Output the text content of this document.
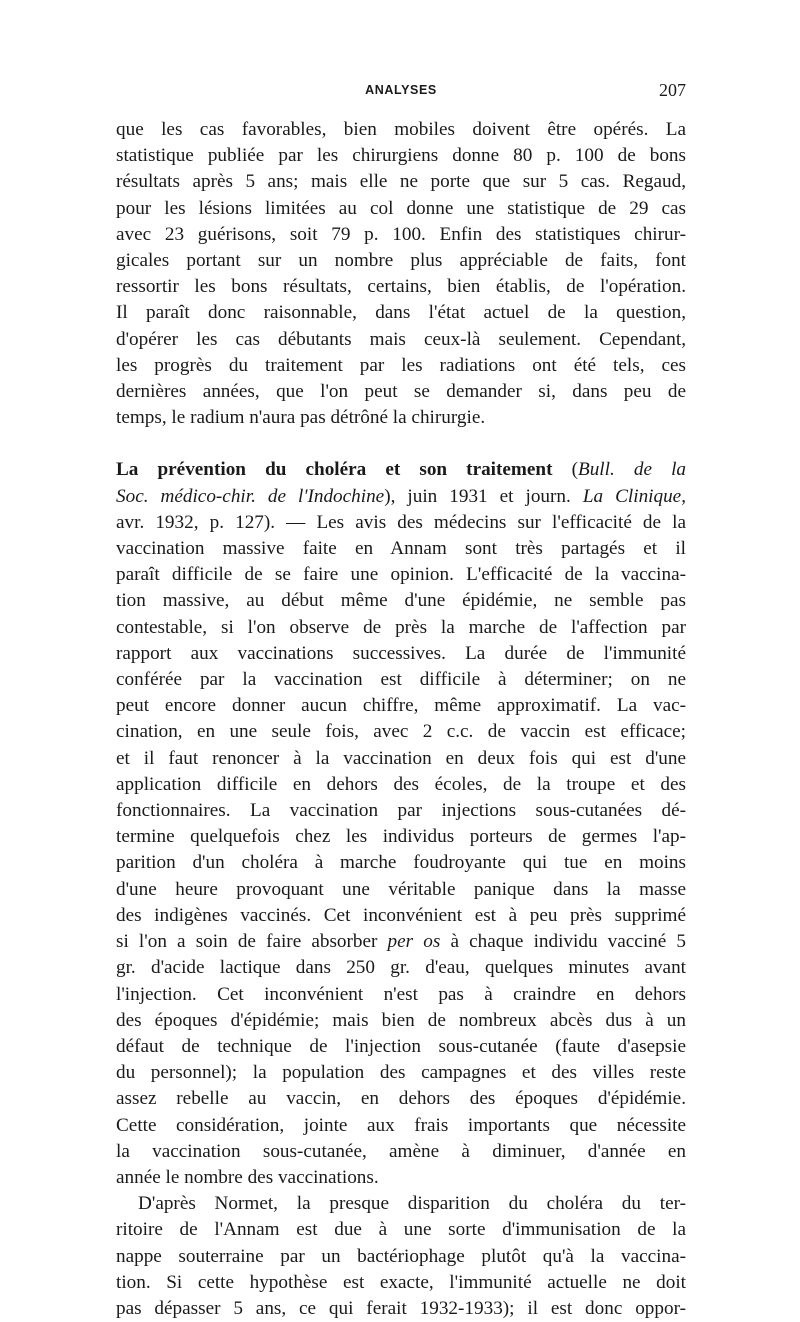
ANALYSES	207
que les cas favorables, bien mobiles doivent être opérés. La
statistique publiée par les chirurgiens donne 80 p. 100 de bons
résultats après 5 ans; mais elle ne porte que sur 5 cas. Regaud,
pour les lésions limitées au col donne une statistique de 29 cas
avec 23 guérisons, soit 79 p. 100. Enfin des statistiques chirur-
gicales portant sur un nombre plus appréciable de faits, font
ressortir les bons résultats, certains, bien établis, de l'opération.
Il paraît donc raisonnable, dans l'état actuel de la question,
d'opérer les cas débutants mais ceux-là seulement. Cependant,
les progrès du traitement par les radiations ont été tels, ces
dernières années, que l'on peut se demander si, dans peu de
temps, le radium n'aura pas détrôné la chirurgie.
La prévention du choléra et son traitement (Bull. de la
Soc. médico-chir. de l'Indochine), juin 1931 et journ. La Clinique,
avr. 1932, p. 127). — Les avis des médecins sur l'efficacité de la
vaccination massive faite en Annam sont très partagés et il
paraît difficile de se faire une opinion. L'efficacité de la vaccina-
tion massive, au début même d'une épidémie, ne semble pas
contestable, si l'on observe de près la marche de l'affection par
rapport aux vaccinations successives. La durée de l'immunité
conférée par la vaccination est difficile à déterminer; on ne
peut encore donner aucun chiffre, même approximatif. La vac-
cination, en une seule fois, avec 2 c.c. de vaccin est efficace;
et il faut renoncer à la vaccination en deux fois qui est d'une
application difficile en dehors des écoles, de la troupe et des
fonctionnaires. La vaccination par injections sous-cutanées dé-
termine quelquefois chez les individus porteurs de germes l'ap-
parition d'un choléra à marche foudroyante qui tue en moins
d'une heure provoquant une véritable panique dans la masse
des indigènes vaccinés. Cet inconvénient est à peu près supprimé
si l'on a soin de faire absorber per os à chaque individu vacciné 5
gr. d'acide lactique dans 250 gr. d'eau, quelques minutes avant
l'injection. Cet inconvénient n'est pas à craindre en dehors
des époques d'épidémie; mais bien de nombreux abcès dus à un
défaut de technique de l'injection sous-cutanée (faute d'asepsie
du personnel); la population des campagnes et des villes reste
assez rebelle au vaccin, en dehors des époques d'épidémie.
Cette considération, jointe aux frais importants que nécessite
la vaccination sous-cutanée, amène à diminuer, d'année en
année le nombre des vaccinations.
D'après Normet, la presque disparition du choléra du ter-
ritoire de l'Annam est due à une sorte d'immunisation de la
nappe souterraine par un bactériophage plutôt qu'à la vaccina-
tion. Si cette hypothèse est exacte, l'immunité actuelle ne doit
pas dépasser 5 ans, ce qui ferait 1932-1933); il est donc oppor-
